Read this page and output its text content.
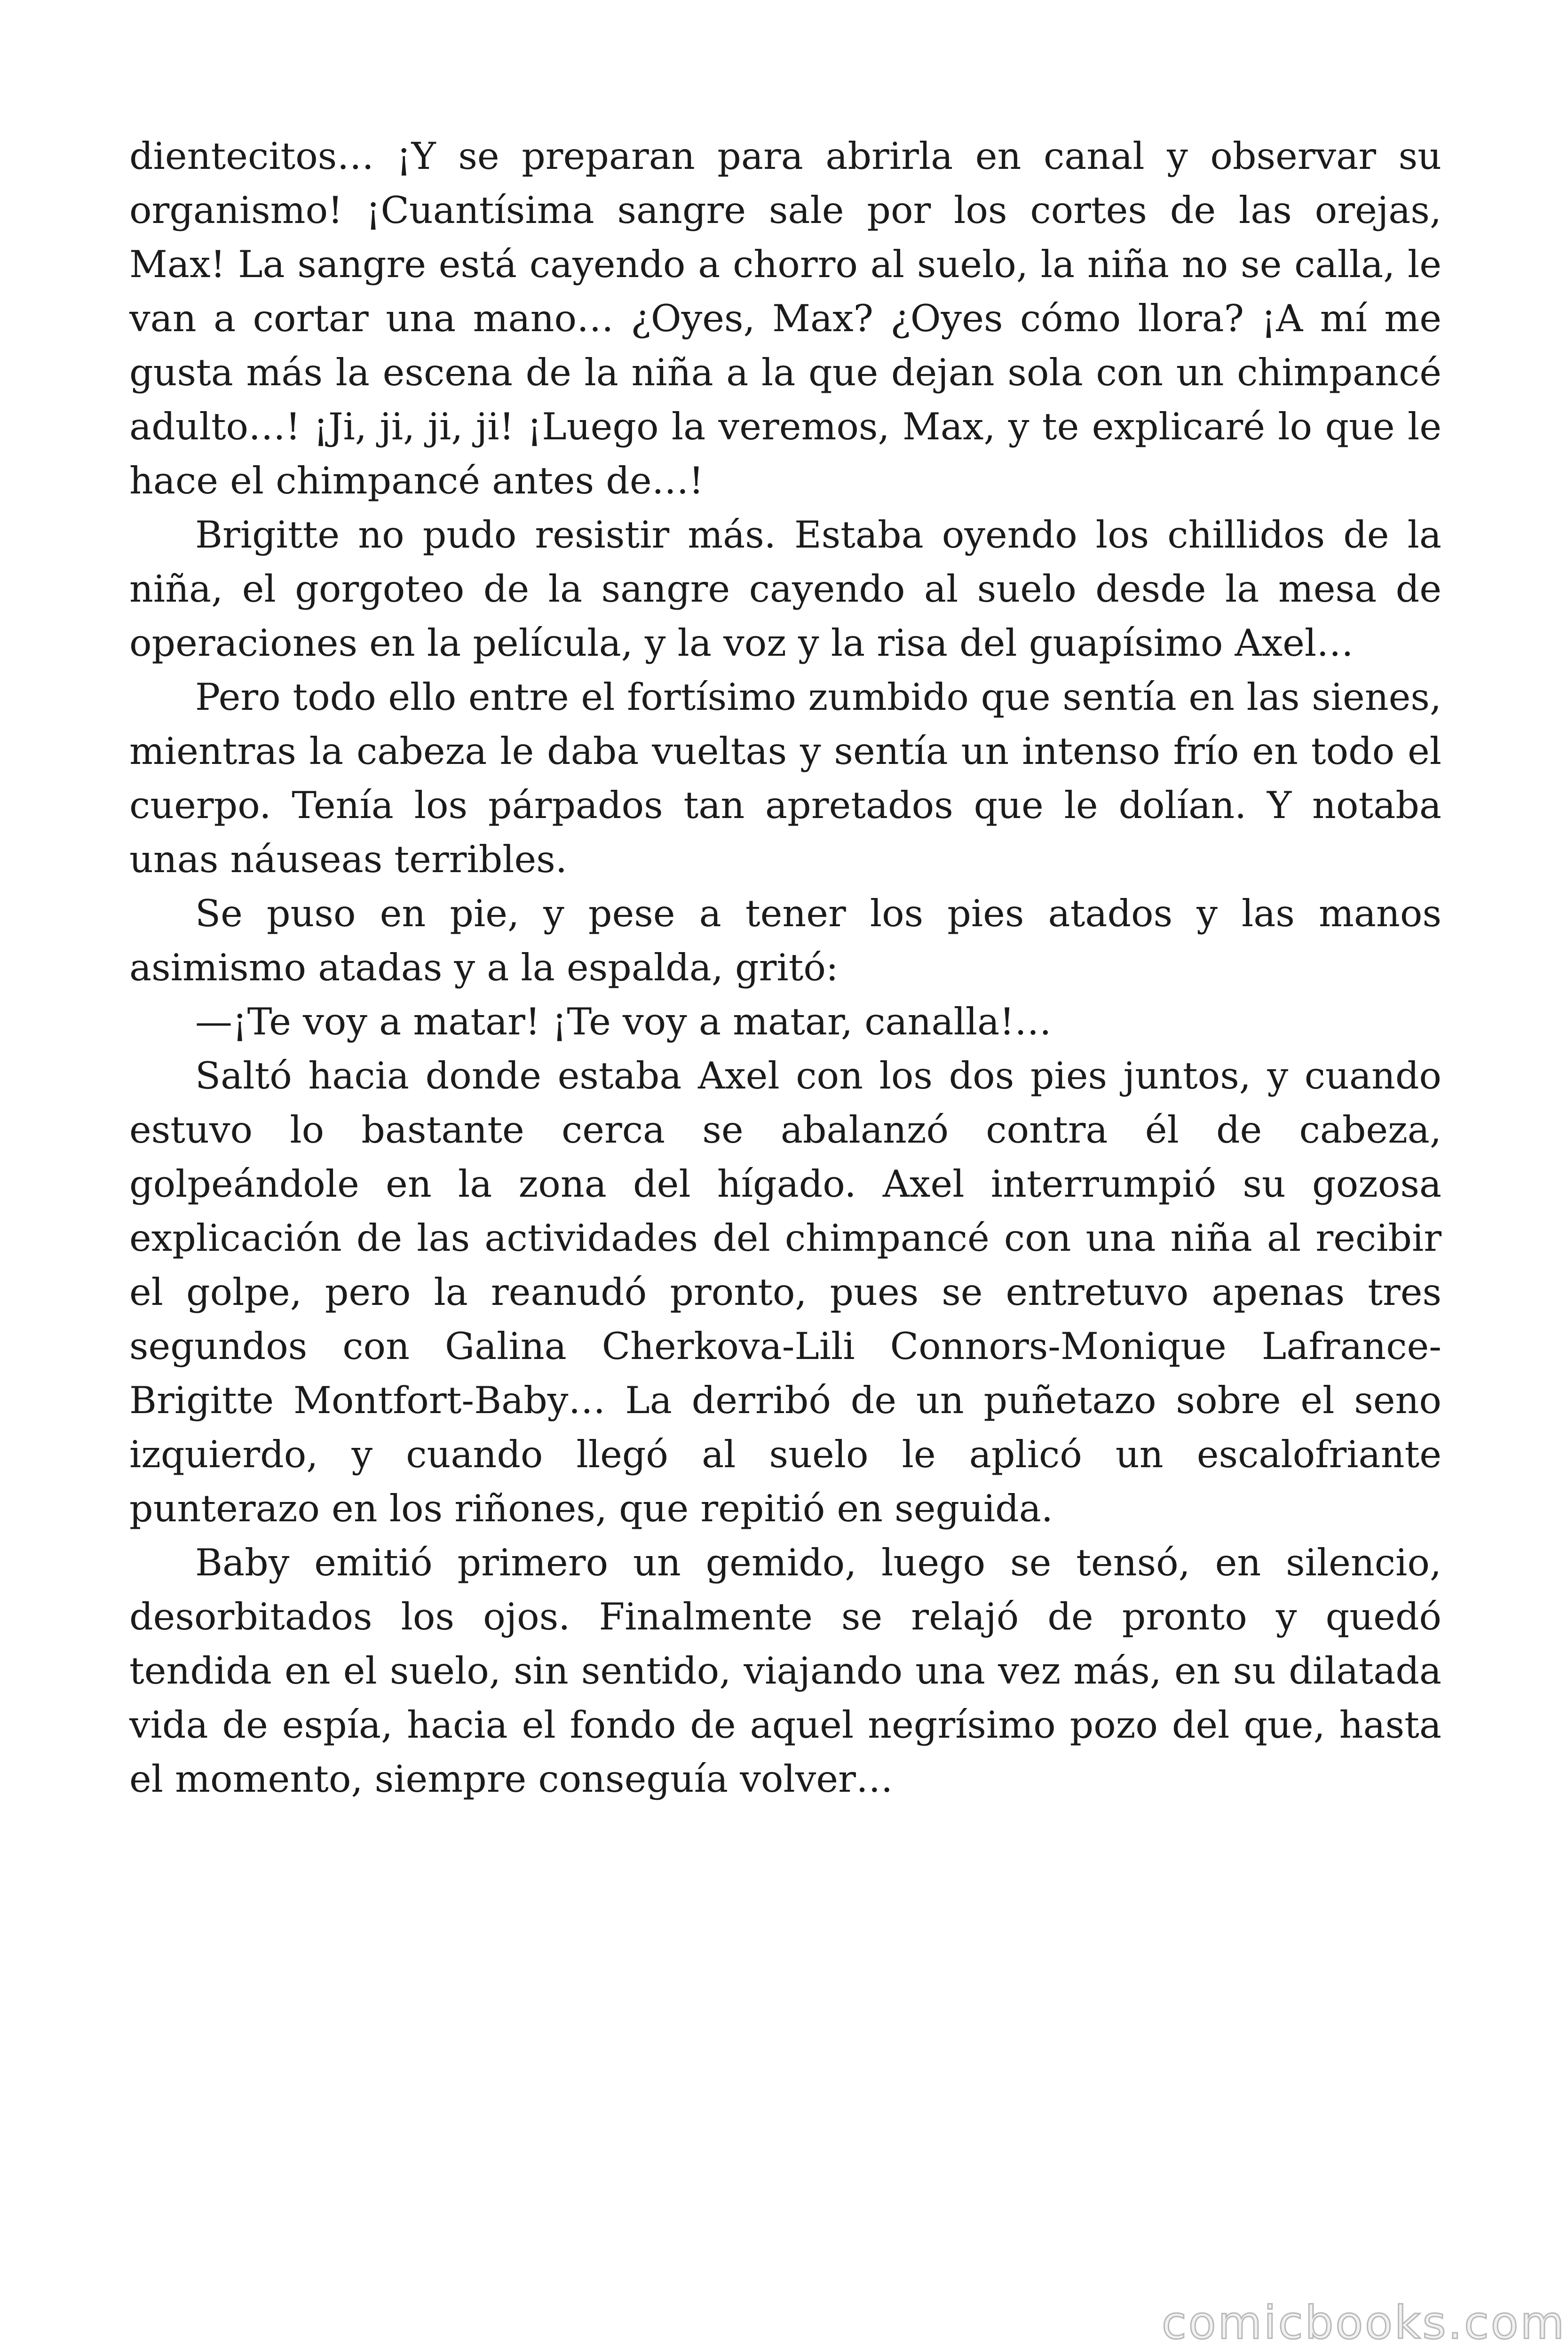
dientecitos… ¡Y se preparan para abrirla en canal y observar su organismo! ¡Cuantísima sangre sale por los cortes de las orejas, Max! La sangre está cayendo a chorro al suelo, la niña no se calla, le van a cortar una mano… ¿Oyes, Max? ¿Oyes cómo llora? ¡A mí me gusta más la escena de la niña a la que dejan sola con un chimpancé adulto…! ¡Ji, ji, ji, ji! ¡Luego la veremos, Max, y te explicaré lo que le hace el chimpancé antes de…!

Brigitte no pudo resistir más. Estaba oyendo los chillidos de la niña, el gorgoteo de la sangre cayendo al suelo desde la mesa de operaciones en la película, y la voz y la risa del guapísimo Axel…

Pero todo ello entre el fortísimo zumbido que sentía en las sienes, mientras la cabeza le daba vueltas y sentía un intenso frío en todo el cuerpo. Tenía los párpados tan apretados que le dolían. Y notaba unas náuseas terribles.

Se puso en pie, y pese a tener los pies atados y las manos asimismo atadas y a la espalda, gritó:

—¡Te voy a matar! ¡Te voy a matar, canalla!…

Saltó hacia donde estaba Axel con los dos pies juntos, y cuando estuvo lo bastante cerca se abalanzó contra él de cabeza, golpeándole en la zona del hígado. Axel interrumpió su gozosa explicación de las actividades del chimpancé con una niña al recibir el golpe, pero la reanudó pronto, pues se entretuvo apenas tres segundos con Galina Cherkova-Lili Connors-Monique Lafrance-Brigitte Montfort-Baby… La derribó de un puñetazo sobre el seno izquierdo, y cuando llegó al suelo le aplicó un escalofriante punterazo en los riñones, que repitió en seguida.

Baby emitió primero un gemido, luego se tensó, en silencio, desorbitados los ojos. Finalmente se relajó de pronto y quedó tendida en el suelo, sin sentido, viajando una vez más, en su dilatada vida de espía, hacia el fondo de aquel negrísimo pozo del que, hasta el momento, siempre conseguía volver…

comicbooks.com
